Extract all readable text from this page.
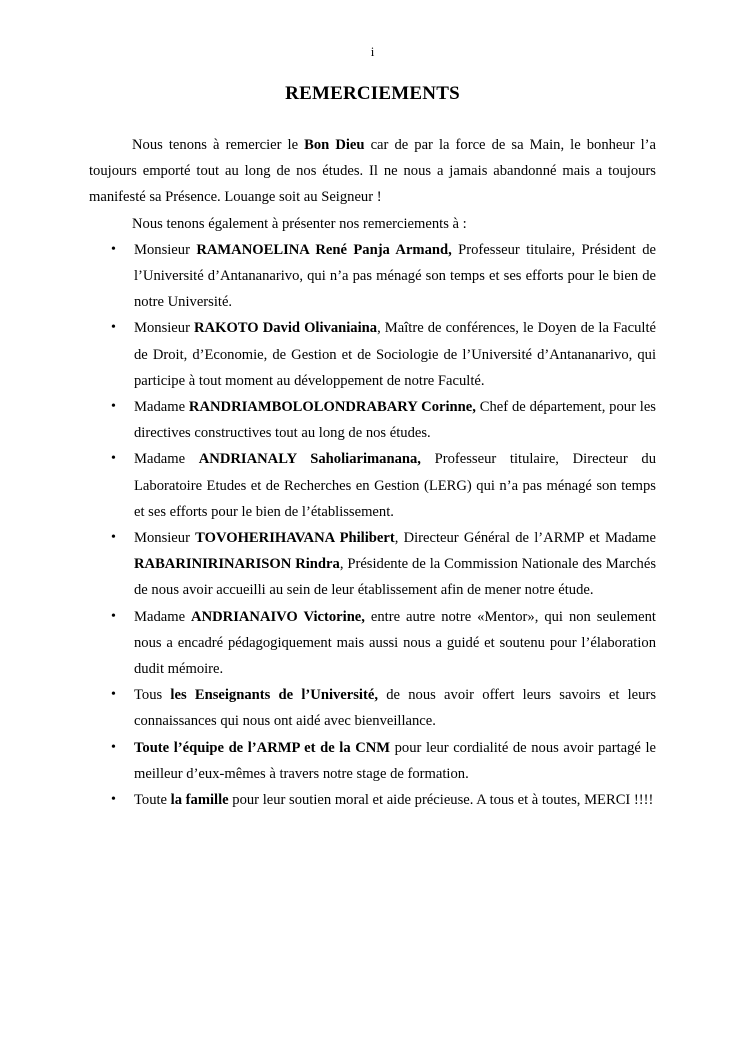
i
REMERCIEMENTS

Nous tenons à remercier le Bon Dieu car de par la force de sa Main, le bonheur l’a toujours emporté tout au long de nos études. Il ne nous a jamais abandonné mais a toujours manifesté sa Présence. Louange soit au Seigneur !

Nous tenons également à présenter nos remerciements à :

• Monsieur RAMANOELINA René Panja Armand, Professeur titulaire, Président de l’Université d’Antananarivo, qui n’a pas ménagé son temps et ses efforts pour le bien de notre Université.
• Monsieur RAKOTO David Olivaniaina, Maître de conférences, le Doyen de la Faculté de Droit, d’Economie, de Gestion et de Sociologie de l’Université d’Antananarivo, qui participe à tout moment au développement de notre Faculté.
• Madame RANDRIAMBOLOLONDRABARY Corinne, Chef de département, pour les directives constructives tout au long de nos études.
• Madame ANDRIANALY Saholiarimanana, Professeur titulaire, Directeur du Laboratoire Etudes et de Recherches en Gestion (LERG) qui n’a pas ménagé son temps et ses efforts pour le bien de l’établissement.
• Monsieur TOVOHERIHAVANA Philibert, Directeur Général de l’ARMP et Madame RABARINIRINARISON Rindra, Présidente de la Commission Nationale des Marchés de nous avoir accueilli au sein de leur établissement afin de mener notre étude.
• Madame ANDRIANAIVO Victorine, entre autre notre «Mentor», qui non seulement nous a encadré pédagogiquement mais aussi nous a guidé et soutenu pour l’élaboration dudit mémoire.
• Tous les Enseignants de l’Université, de nous avoir offert leurs savoirs et leurs connaissances qui nous ont aidé avec bienveillance.
• Toute l’équipe de l’ARMP et de la CNM pour leur cordialité de nous avoir partagé le meilleur d’eux-mêmes à travers notre stage de formation.
• Toute la famille pour leur soutien moral et aide précieuse. A tous et à toutes, MERCI !!!!
